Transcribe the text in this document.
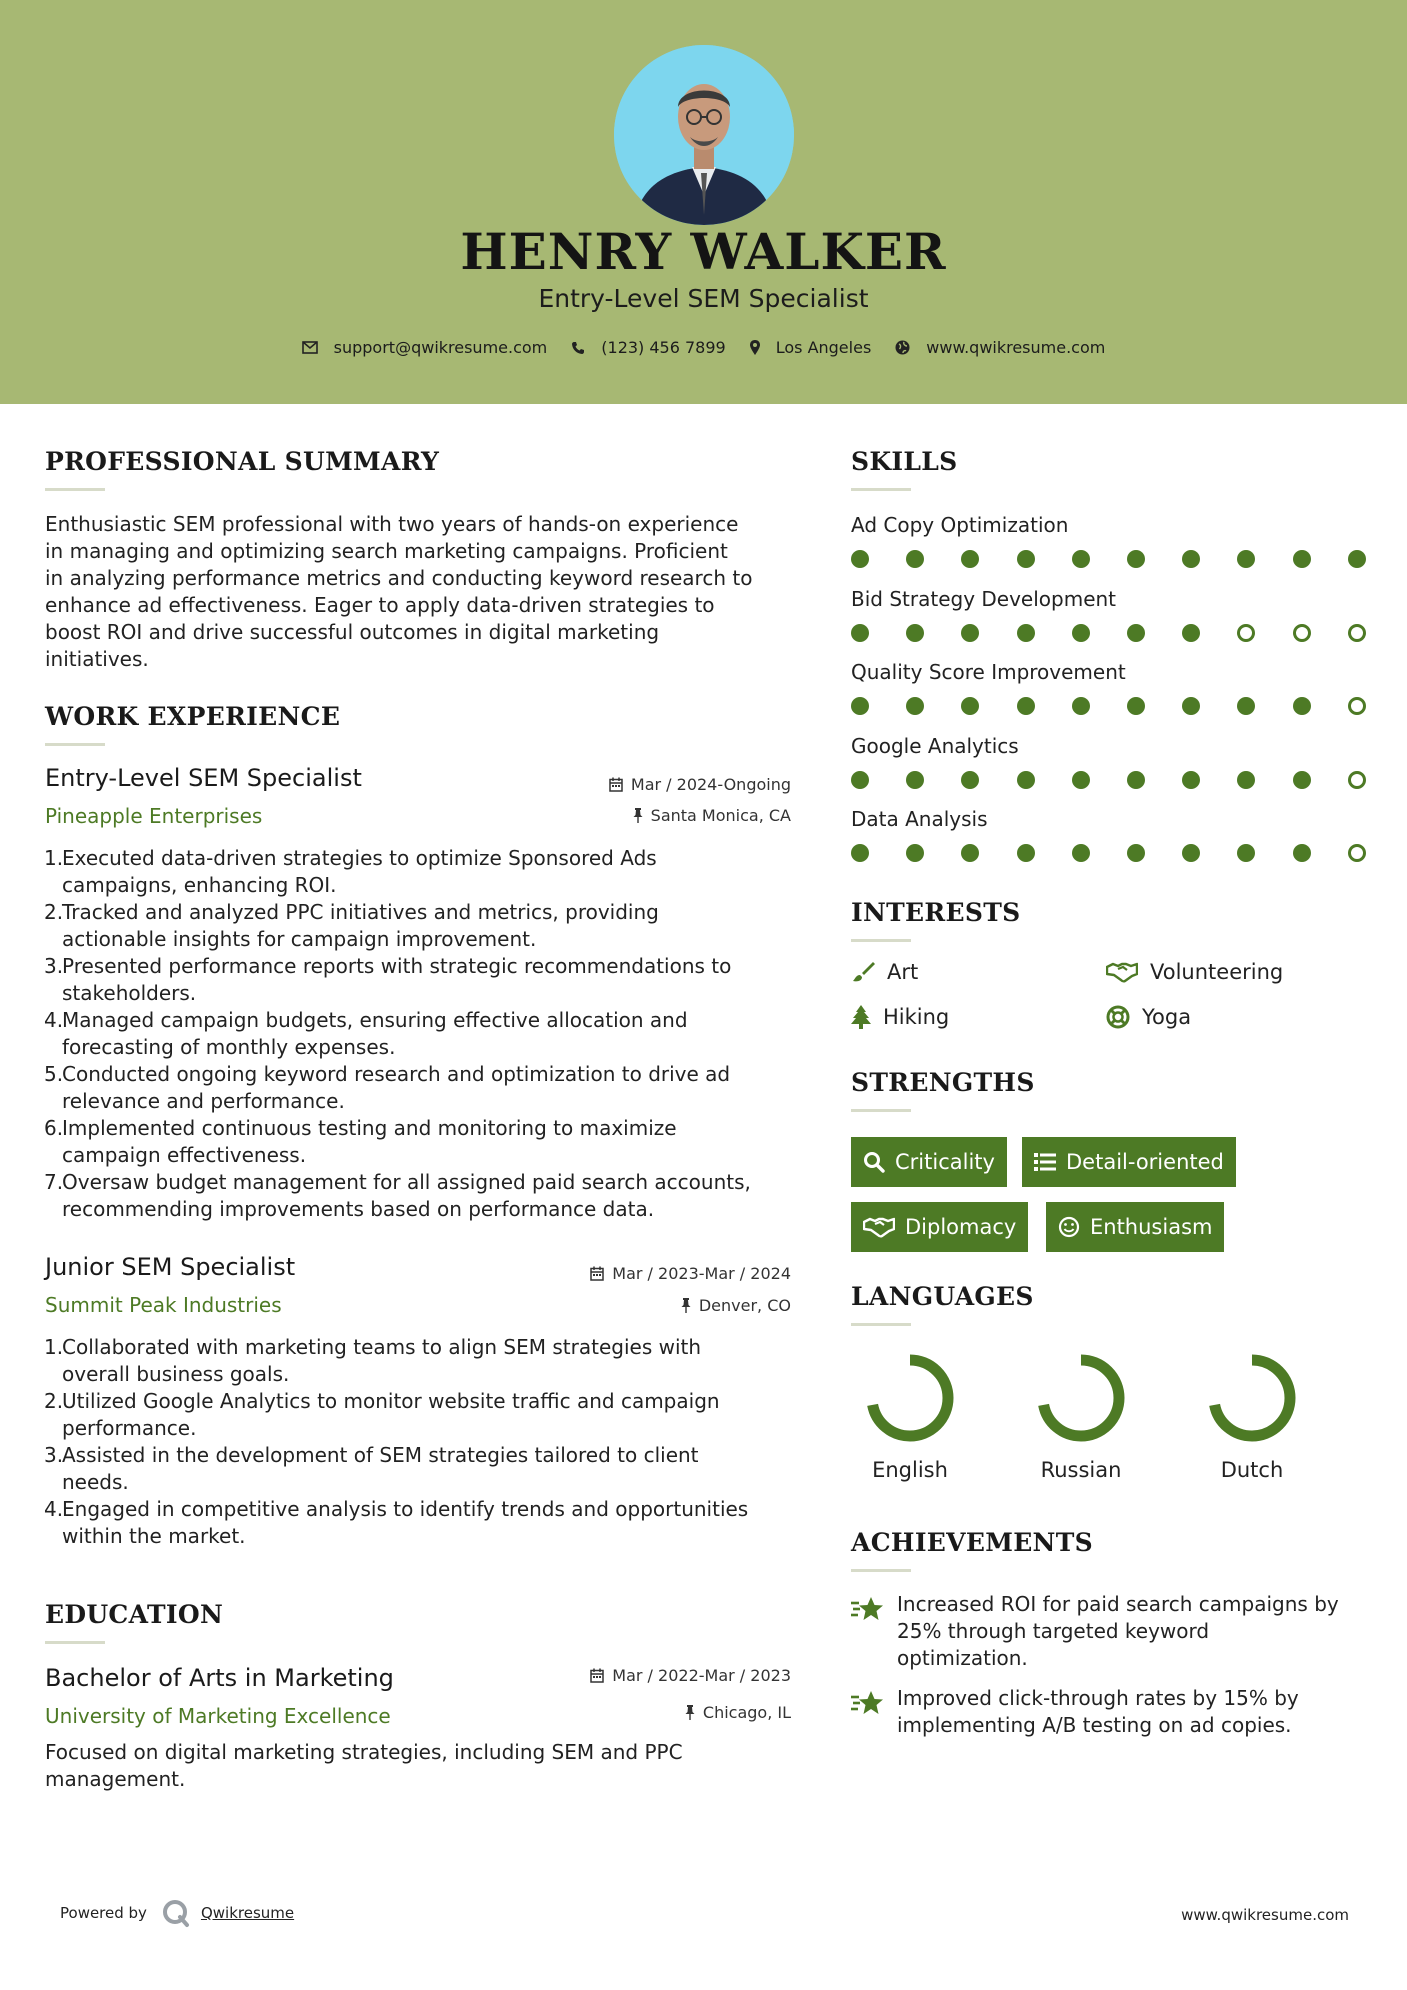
HENRY WALKER
Entry-Level SEM Specialist
support@qwikresume.com	(123) 456 7899	Los Angeles	www.qwikresume.com
PROFESSIONAL SUMMARY
Enthusiastic SEM professional with two years of hands-on experience
in managing and optimizing search marketing campaigns. Proficient
in analyzing performance metrics and conducting keyword research to
enhance ad effectiveness. Eager to apply data-driven strategies to
boost ROI and drive successful outcomes in digital marketing
initiatives.
WORK EXPERIENCE
Entry-Level SEM Specialist	Mar / 2024-Ongoing
Pineapple Enterprises	Santa Monica, CA
1.
Executed data-driven strategies to optimize Sponsored Ads
campaigns, enhancing ROI.
2.
Tracked and analyzed PPC initiatives and metrics, providing
actionable insights for campaign improvement.
3.
Presented performance reports with strategic recommendations to
stakeholders.
4.
Managed campaign budgets, ensuring effective allocation and
forecasting of monthly expenses.
5.
Conducted ongoing keyword research and optimization to drive ad
relevance and performance.
6.
Implemented continuous testing and monitoring to maximize
campaign effectiveness.
7.
Oversaw budget management for all assigned paid search accounts,
recommending improvements based on performance data.
Junior SEM Specialist	Mar / 2023-Mar / 2024
Summit Peak Industries	Denver, CO
1.
Collaborated with marketing teams to align SEM strategies with
overall business goals.
2.
Utilized Google Analytics to monitor website traffic and campaign
performance.
3.
Assisted in the development of SEM strategies tailored to client
needs.
4.
Engaged in competitive analysis to identify trends and opportunities
within the market.
EDUCATION
Bachelor of Arts in Marketing	Mar / 2022-Mar / 2023
University of Marketing Excellence	Chicago, IL
Focused on digital marketing strategies, including SEM and PPC
management.
SKILLS
Ad Copy Optimization
Bid Strategy Development
Quality Score Improvement
Google Analytics
Data Analysis
INTERESTS
Art	Volunteering
Hiking	Yoga
STRENGTHS
Criticality	Detail-oriented
Diplomacy	Enthusiasm
LANGUAGES
English	Russian	Dutch
ACHIEVEMENTS
Increased ROI for paid search campaigns by
25% through targeted keyword
optimization.
Improved click-through rates by 15% by
implementing A/B testing on ad copies.
Powered by	Qwikresume	www.qwikresume.com
